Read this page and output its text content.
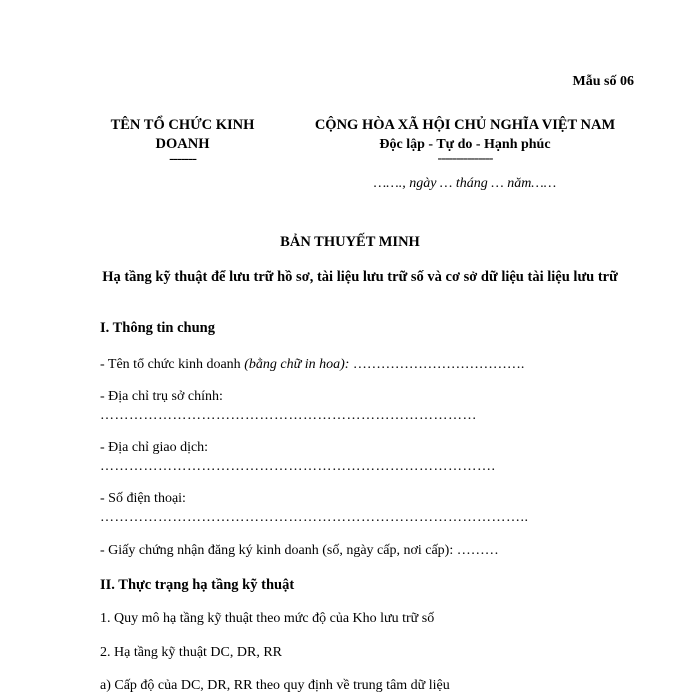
Mẫu số 06
TÊN TỔ CHỨC KINH DOANH
-------
CỘNG HÒA XÃ HỘI CHỦ NGHĨA VIỆT NAM
Độc lập - Tự do - Hạnh phúc
---------------
……., ngày … tháng … năm……
BẢN THUYẾT MINH
Hạ tầng kỹ thuật để lưu trữ hồ sơ, tài liệu lưu trữ số và cơ sở dữ liệu tài liệu lưu trữ
I. Thông tin chung
- Tên tổ chức kinh doanh (bằng chữ in hoa): ……………………………….
- Địa chỉ trụ sở chính:
……………………………………………………………………
- Địa chỉ giao dịch:
……………………………………………………………………….
- Số điện thoại:
……………………………………………………………………………..
- Giấy chứng nhận đăng ký kinh doanh (số, ngày cấp, nơi cấp): ………
II. Thực trạng hạ tầng kỹ thuật
1. Quy mô hạ tầng kỹ thuật theo mức độ của Kho lưu trữ số
2. Hạ tầng kỹ thuật DC, DR, RR
a) Cấp độ của DC, DR, RR theo quy định về trung tâm dữ liệu
